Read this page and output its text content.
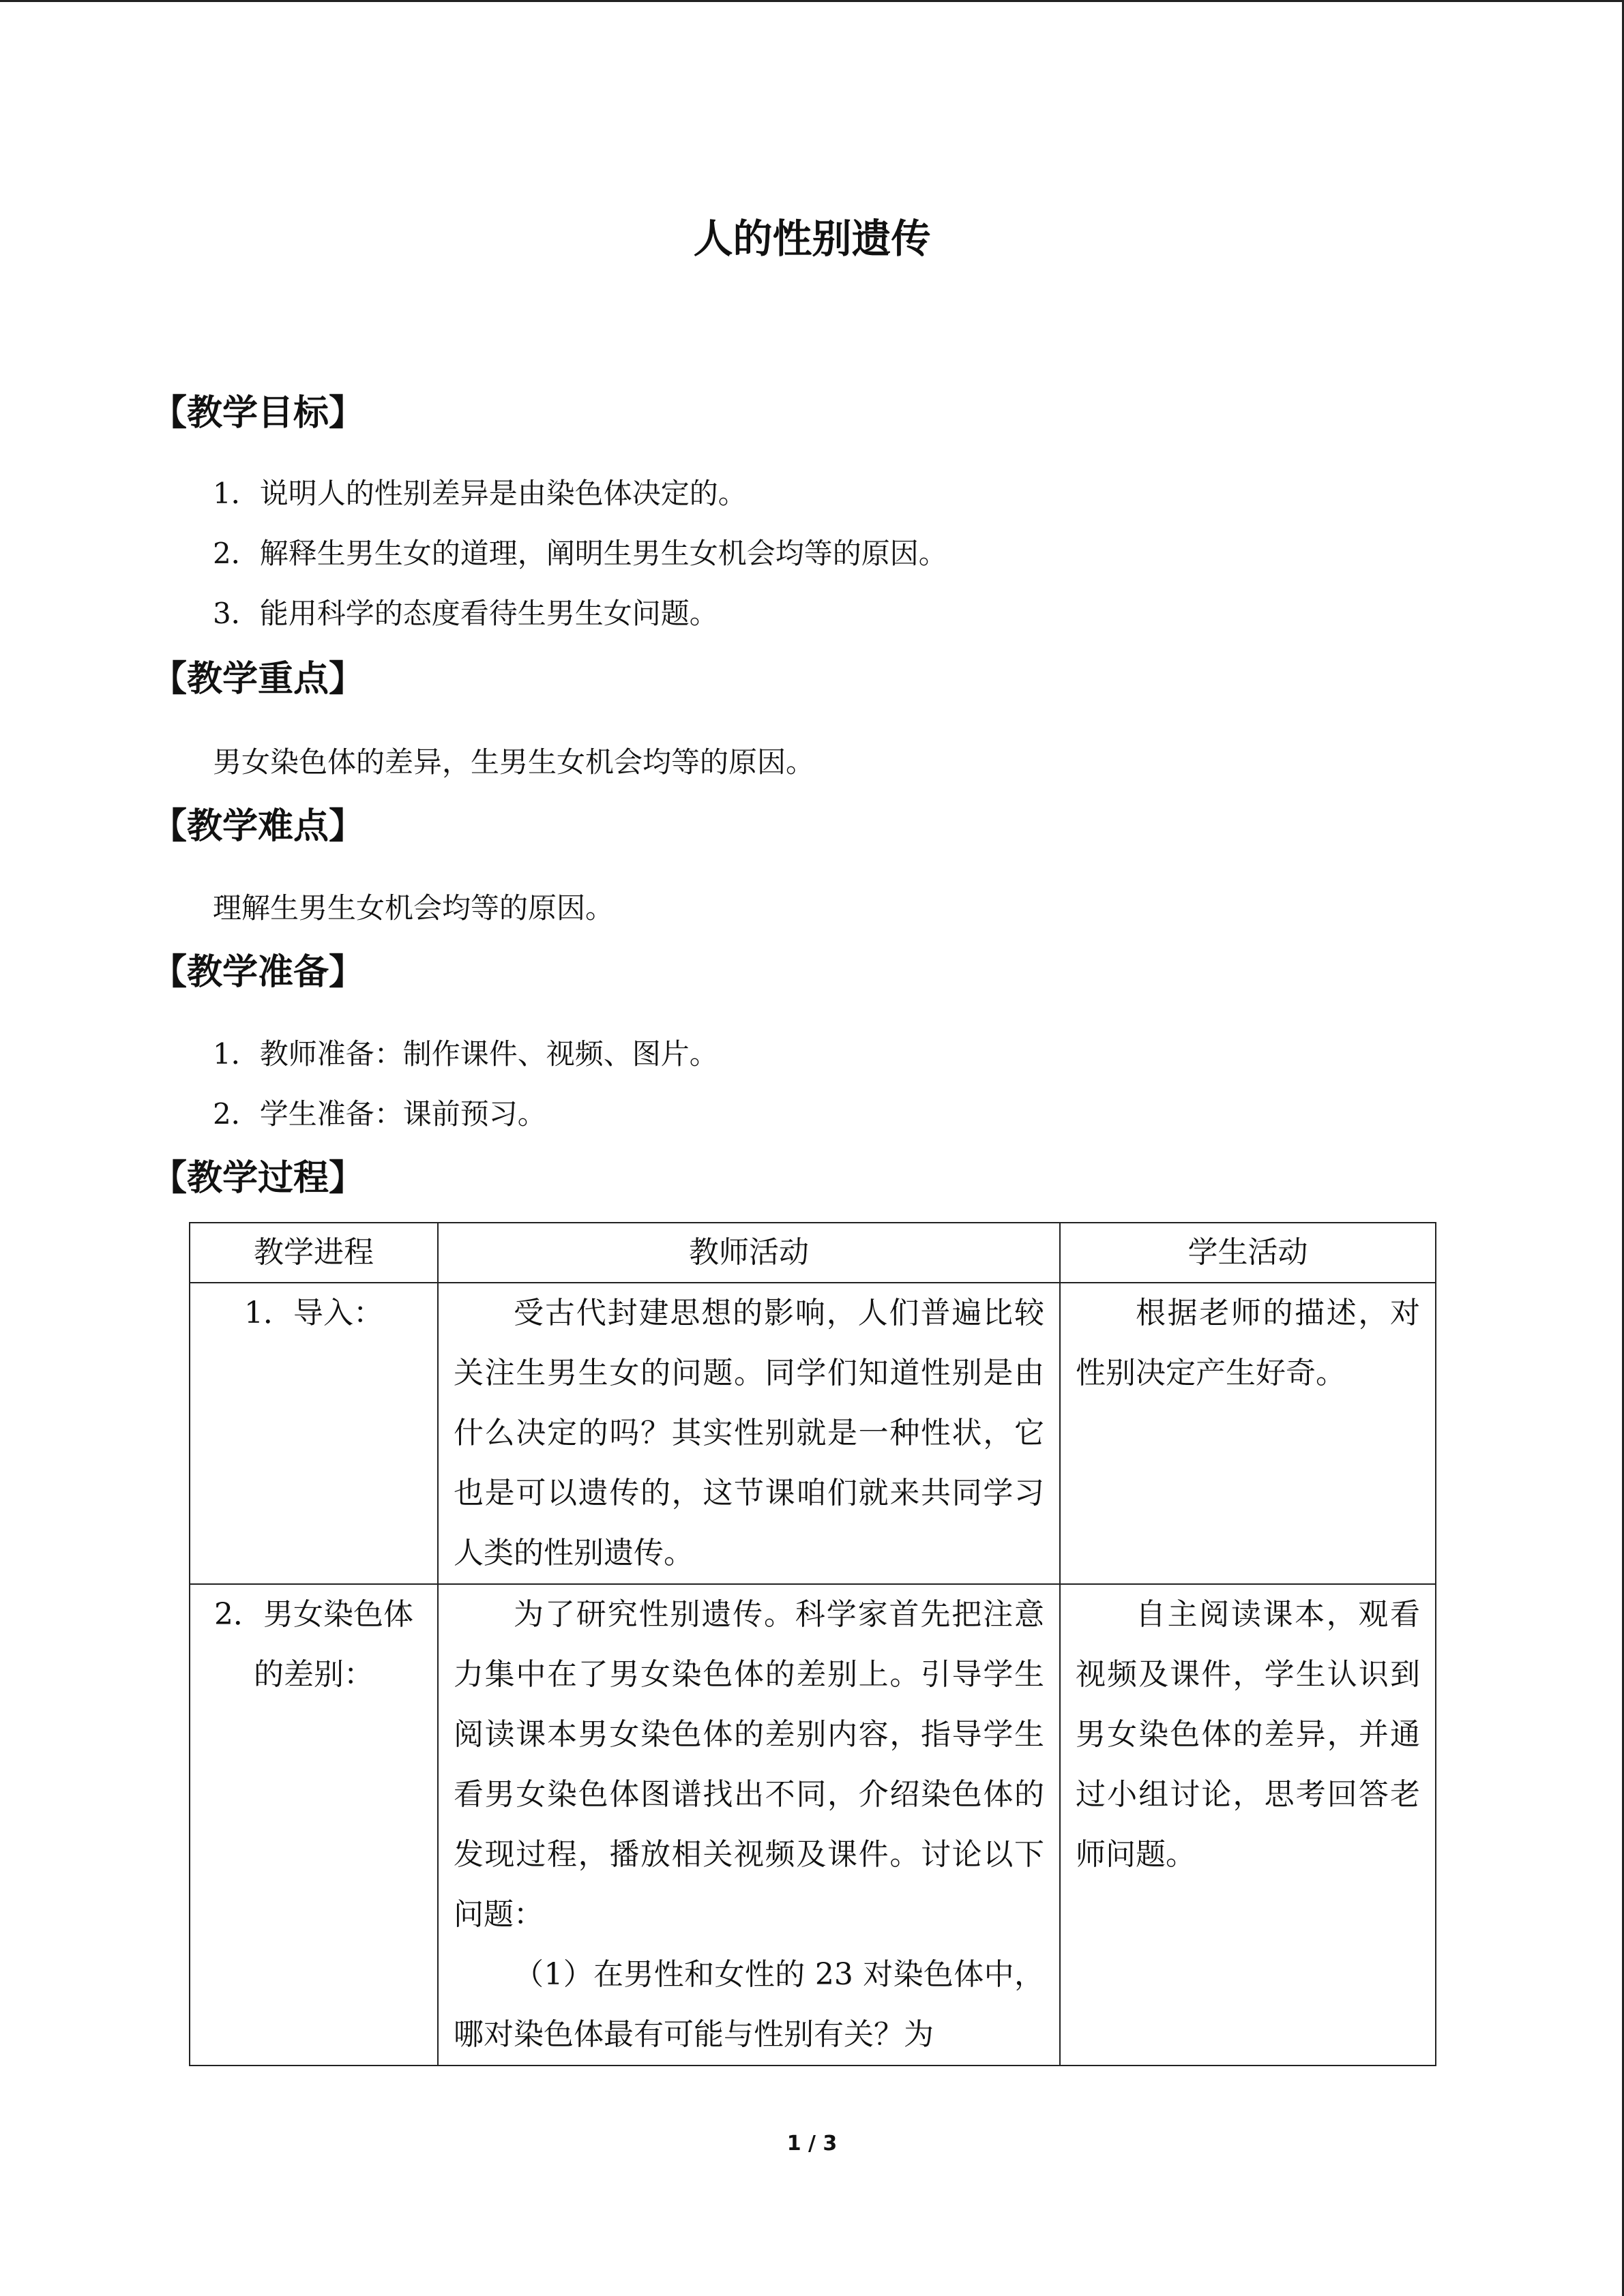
人的性别遗传
【教学目标】
1．说明人的性别差异是由染色体决定的。
2．解释生男生女的道理，阐明生男生女机会均等的原因。
3．能用科学的态度看待生男生女问题。
【教学重点】
男女染色体的差异，生男生女机会均等的原因。
【教学难点】
理解生男生女机会均等的原因。
【教学准备】
1．教师准备：制作课件、视频、图片。
2．学生准备：课前预习。
【教学过程】
教学进程	教师活动	学生活动
1．导入：	受古代封建思想的影响，人们普遍比较关注生男生女的问题。同学们知道性别是由什么决定的吗？其实性别就是一种性状，它也是可以遗传的，这节课咱们就来共同学习人类的性别遗传。	根据老师的描述，对性别决定产生好奇。

2．男女染色体的差别：	为了研究性别遗传。科学家首先把注意力集中在了男女染色体的差别上。引导学生阅读课本男女染色体的差别内容，指导学生看男女染色体图谱找出不同，介绍染色体的发现过程，播放相关视频及课件。讨论以下问题：
（1）在男性和女性的 23 对染色体中，哪对染色体最有可能与性别有关？为	自主阅读课本，观看视频及课件，学生认识到男女染色体的差异，并通过小组讨论，思考回答老师问题。
1 / 3
